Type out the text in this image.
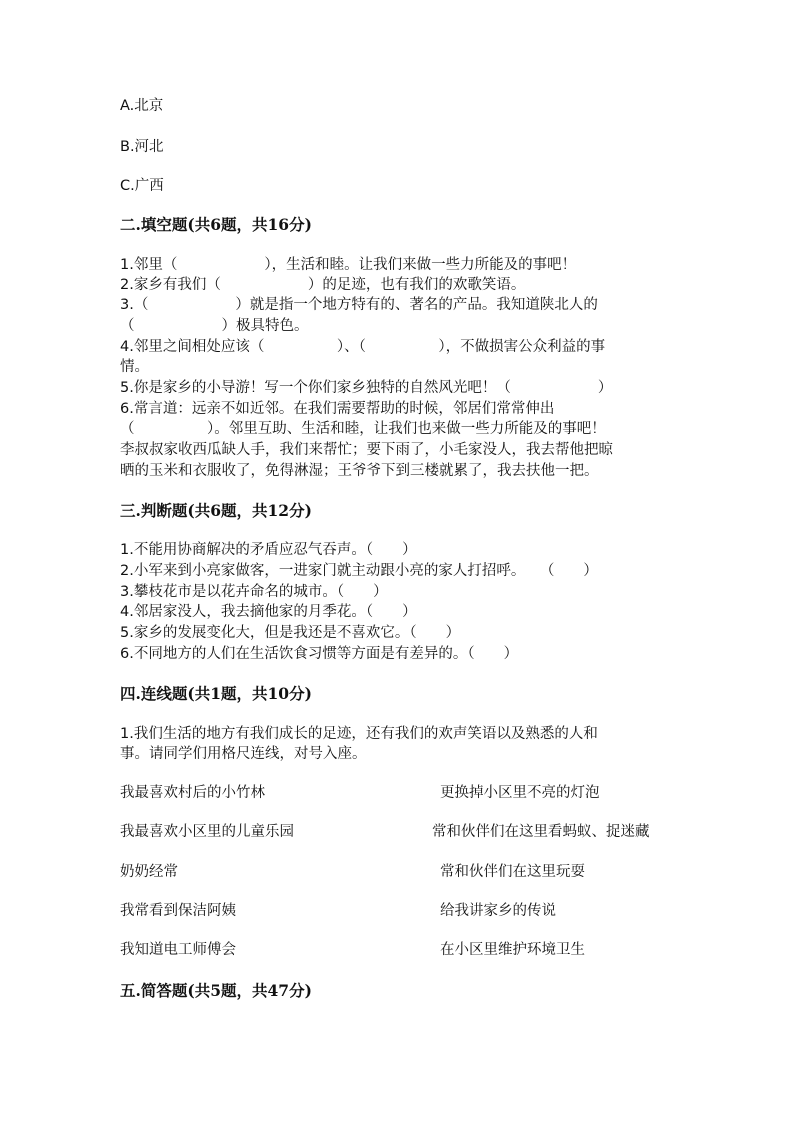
A.北京
B.河北
C.广西
二.填空题(共6题，共16分)
1.邻里（　　　　　　），生活和睦。让我们来做一些力所能及的事吧！
2.家乡有我们（　　　　　　）的足迹，也有我们的欢歌笑语。
3.（　　　　　　）就是指一个地方特有的、著名的产品。我知道陕北人的
（　　　　　　）极具特色。
4.邻里之间相处应该（　　　　　）、（　　　　　），不做损害公众利益的事
情。
5.你是家乡的小导游！写一个你们家乡独特的自然风光吧！（　　　　　　）
6.常言道：远亲不如近邻。在我们需要帮助的时候，邻居们常常伸出
（　　　　　）。邻里互助、生活和睦，让我们也来做一些力所能及的事吧！
李叔叔家收西瓜缺人手，我们来帮忙；要下雨了，小毛家没人，我去帮他把晾
晒的玉米和衣服收了，免得淋湿；王爷爷下到三楼就累了，我去扶他一把。
三.判断题(共6题，共12分)
1.不能用协商解决的矛盾应忍气吞声。（　　）
2.小军来到小亮家做客，一进家门就主动跟小亮的家人打招呼。　　（　　）
3.攀枝花市是以花卉命名的城市。（　　）
4.邻居家没人，我去摘他家的月季花。（　　）
5.家乡的发展变化大，但是我还是不喜欢它。（　　）
6.不同地方的人们在生活饮食习惯等方面是有差异的。（　　）
四.连线题(共1题，共10分)
1.我们生活的地方有我们成长的足迹，还有我们的欢声笑语以及熟悉的人和
事。请同学们用格尺连线，对号入座。
我最喜欢村后的小竹林	更换掉小区里不亮的灯泡
我最喜欢小区里的儿童乐园	常和伙伴们在这里看蚂蚁、捉迷藏
奶奶经常	常和伙伴们在这里玩耍
我常看到保洁阿姨	给我讲家乡的传说
我知道电工师傅会	在小区里维护环境卫生
五.简答题(共5题，共47分)
